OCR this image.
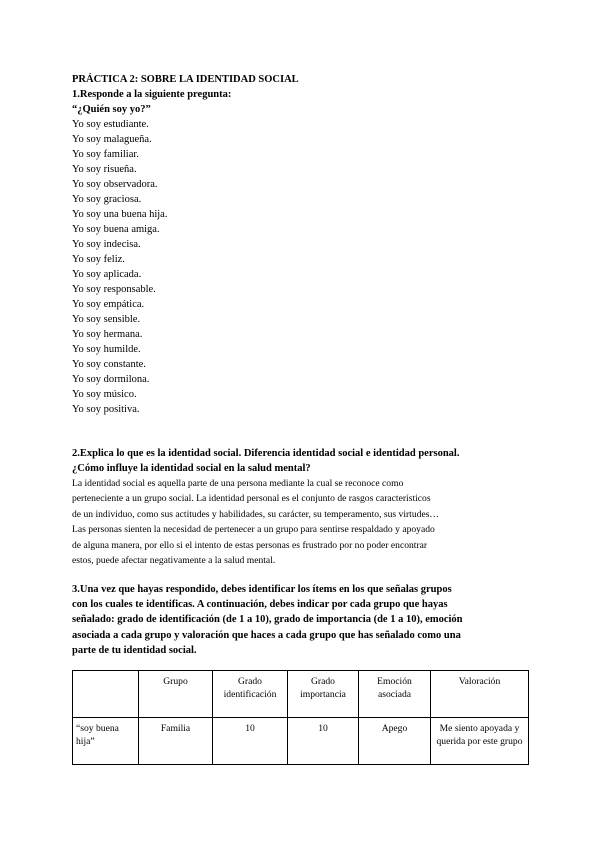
PRÁCTICA 2: SOBRE LA IDENTIDAD SOCIAL
1.Responde a la siguiente pregunta:
“¿Quién soy yo?”
Yo soy estudiante.
Yo soy malagueña.
Yo soy familiar.
Yo soy risueña.
Yo soy observadora.
Yo soy graciosa.
Yo soy una buena hija.
Yo soy buena amiga.
Yo soy indecisa.
Yo soy feliz.
Yo soy aplicada.
Yo soy responsable.
Yo soy empática.
Yo soy sensible.
Yo soy hermana.
Yo soy humilde.
Yo soy constante.
Yo soy dormilona.
Yo soy músico.
Yo soy positiva.
2.Explica lo que es la identidad social. Diferencia identidad social e identidad personal.
¿Cómo influye la identidad social en la salud mental?

La identidad social es aquella parte de una persona mediante la cual se reconoce como
perteneciente a un grupo social. La identidad personal es el conjunto de rasgos característicos
de un individuo, como sus actitudes y habilidades, su carácter, su temperamento, sus virtudes…
Las personas sienten la necesidad de pertenecer a un grupo para sentirse respaldado y apoyado
de alguna manera, por ello si el intento de estas personas es frustrado por no poder encontrar
estos, puede afectar negativamente a la salud mental.

3.Una vez que hayas respondido, debes identificar los ítems en los que señalas grupos
con los cuales te identificas. A continuación, debes indicar por cada grupo que hayas
señalado: grado de identificación (de 1 a 10), grado de importancia (de 1 a 10), emoción
asociada a cada grupo y valoración que haces a cada grupo que has señalado como una
parte de tu identidad social.
	Grupo	Grado identificación	Grado importancia	Emoción asociada	Valoración
“soy buena hija”	Familia	10	10	Apego	Me siento apoyada y querida por este grupo
